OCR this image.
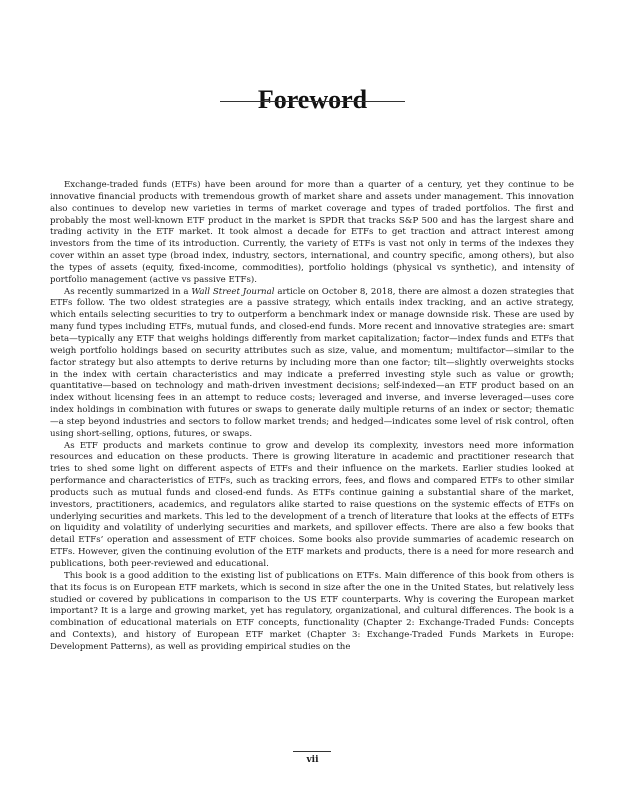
Foreword

Exchange-traded funds (ETFs) have been around for more than a quarter of a century, yet they continue to be innovative financial products with tremendous growth of market share and assets under management. This innovation also continues to develop new varieties in terms of market coverage and types of traded portfolios. The first and probably the most well-known ETF product in the market is SPDR that tracks S&P 500 and has the largest share and trading activity in the ETF market. It took almost a decade for ETFs to get traction and attract interest among investors from the time of its introduction. Currently, the variety of ETFs is vast not only in terms of the indexes they cover within an asset type (broad index, industry, sectors, international, and country specific, among others), but also the types of assets (equity, fixed-income, commodities), portfolio holdings (physical vs synthetic), and intensity of portfolio management (active vs passive ETFs).

As recently summarized in a Wall Street Journal article on October 8, 2018, there are almost a dozen strategies that ETFs follow. The two oldest strategies are a passive strategy, which entails index tracking, and an active strategy, which entails selecting securities to try to outperform a benchmark index or manage downside risk. These are used by many fund types including ETFs, mutual funds, and closed-end funds. More recent and innovative strategies are: smart beta—typically any ETF that weighs holdings differently from market capitalization; factor—index funds and ETFs that weigh portfolio holdings based on security attributes such as size, value, and momentum; multifactor—similar to the factor strategy but also attempts to derive returns by including more than one factor; tilt—slightly overweights stocks in the index with certain characteristics and may indicate a preferred investing style such as value or growth; quantitative—based on technology and math-driven investment decisions; self-indexed—an ETF product based on an index without licensing fees in an attempt to reduce costs; leveraged and inverse, and inverse leveraged—uses core index holdings in combination with futures or swaps to generate daily multiple returns of an index or sector; thematic—a step beyond industries and sectors to follow market trends; and hedged—indicates some level of risk control, often using short-selling, options, futures, or swaps.

As ETF products and markets continue to grow and develop its complexity, investors need more information resources and education on these products. There is growing literature in academic and practitioner research that tries to shed some light on different aspects of ETFs and their influence on the markets. Earlier studies looked at performance and characteristics of ETFs, such as tracking errors, fees, and flows and compared ETFs to other similar products such as mutual funds and closed-end funds. As ETFs continue gaining a substantial share of the market, investors, practitioners, academics, and regulators alike started to raise questions on the systemic effects of ETFs on underlying securities and markets. This led to the development of a trench of literature that looks at the effects of ETFs on liquidity and volatility of underlying securities and markets, and spillover effects. There are also a few books that detail ETFs’ operation and assessment of ETF choices. Some books also provide summaries of academic research on ETFs. However, given the continuing evolution of the ETF markets and products, there is a need for more research and publications, both peer-reviewed and educational.

This book is a good addition to the existing list of publications on ETFs. Main difference of this book from others is that its focus is on European ETF markets, which is second in size after the one in the United States, but relatively less studied or covered by publications in comparison to the US ETF counterparts. Why is covering the European market important? It is a large and growing market, yet has regulatory, organizational, and cultural differences. The book is a combination of educational materials on ETF concepts, functionality (Chapter 2: Exchange-Traded Funds: Concepts and Contexts), and history of European ETF market (Chapter 3: Exchange-Traded Funds Markets in Europe: Development Patterns), as well as providing empirical studies on the

vii
